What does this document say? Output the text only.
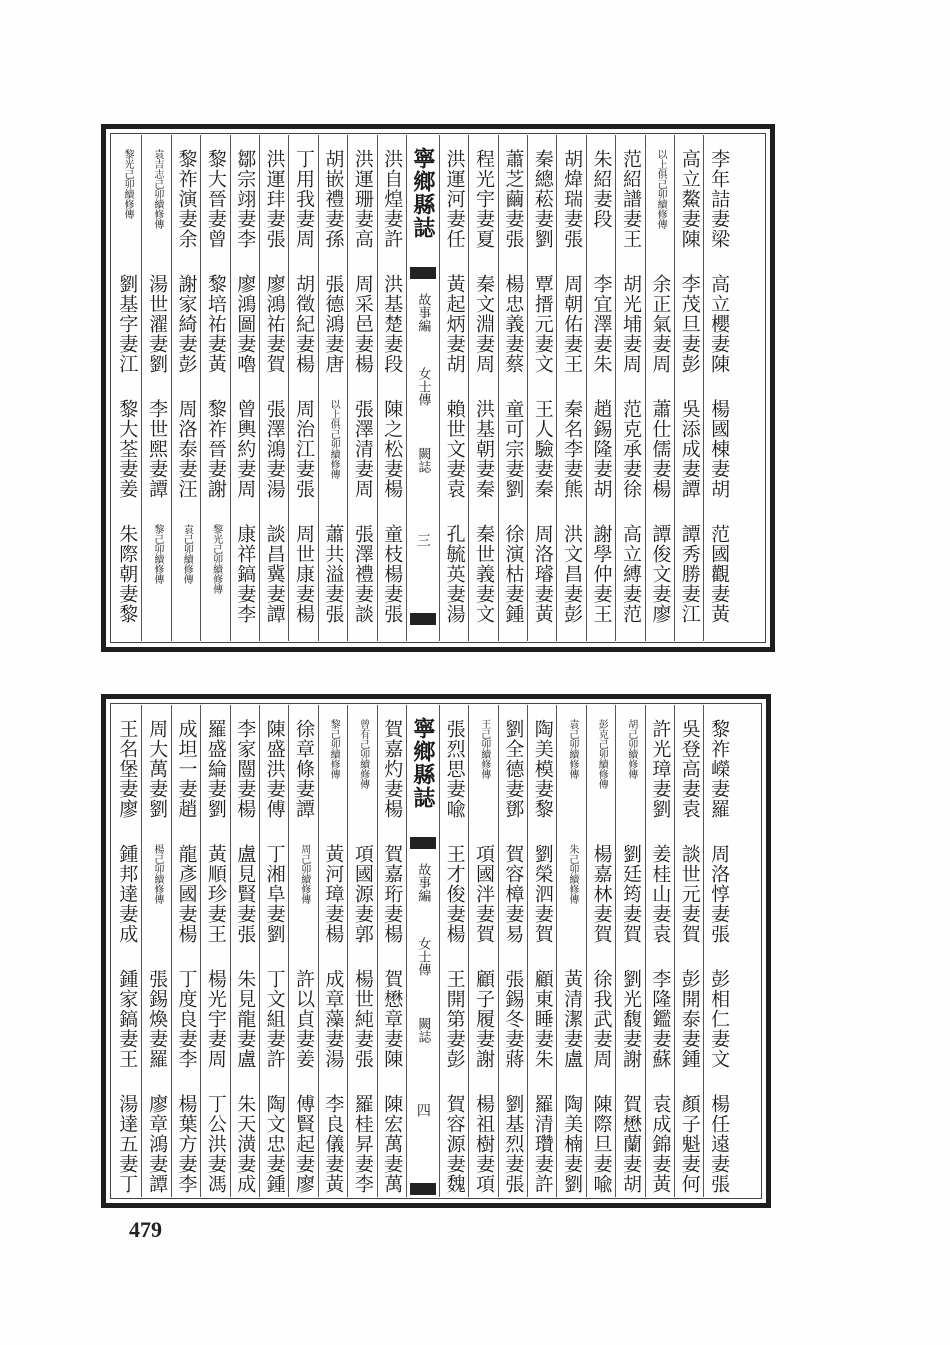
李年詰妻梁
高立櫻妻陳
楊國棟妻胡
范國觀妻黃
高立鰲妻陳
李茂旦妻彭
吳添成妻譚
譚秀勝妻江
以上俱己卯續修傳
余正氣妻周
蕭仕儒妻楊
譚俊文妻廖
范紹譜妻王
胡光埔妻周
范克承妻徐
高立縛妻范
朱紹妻段
李宜澤妻朱
趙錫隆妻胡
謝學仲妻王
胡煒瑞妻張
周朝佑妻王
秦名李妻熊
洪文昌妻彭
秦總菘妻劉
覃搢元妻文
王人驗妻秦
周洛璿妻黃
蕭芝繭妻張
楊忠義妻蔡
童可宗妻劉
徐演枯妻鍾
程光宇妻夏
秦文淵妻周
洪基朝妻秦
秦世義妻文
洪運河妻任
黃起炳妻胡
賴世文妻袁
孔毓英妻湯
寧鄉縣誌
故事編
女士傳
闕誌
三
洪自煌妻許
洪基楚妻段
陳之松妻楊
童枝楊妻張
洪運珊妻高
周采邑妻楊
張澤清妻周
張澤禮妻談
胡嵌禮妻孫
張德鴻妻唐
以上俱己卯續修傳
蕭共溢妻張
丁用我妻周
胡徵紀妻楊
周治江妻張
周世康妻楊
洪運玤妻張
廖鴻祐妻賀
張澤鴻妻湯
談昌冀妻譚
鄒宗翊妻李
廖鴻圖妻嚕
曾輿約妻周
康祥鎬妻李
黎大晉妻曾
黎培祐妻黃
黎祚晉妻謝
黎光己卯續修傳
黎祚演妻余
謝家綺妻彭
周洛泰妻汪
袁己卯續修傳
袁吉志己卯續修傳
湯世濯妻劉
李世煕妻譚
黎己卯續修傳
黎光己卯續修傳
劉基字妻江
黎大荃妻姜
朱際朝妻黎
黎祚嶸妻羅
周洛惇妻張
彭相仁妻文
楊任遠妻張
吳登高妻袁
談世元妻賀
彭開泰妻鍾
顏子魁妻何
許光璋妻劉
姜桂山妻袁
李隆鑑妻蘇
袁成錦妻黃
胡己卯續修傳
劉廷筠妻賀
劉光馥妻謝
賀懋蘭妻胡
彭克己卯續修傳
楊嘉林妻賀
徐我武妻周
陳際旦妻喩
袁己卯續修傳
朱己卯續修傳
黃清潔妻盧
陶美楠妻劉
陶美模妻黎
劉榮泗妻賀
顧東睡妻朱
羅清瓚妻許
劉全德妻鄧
賀容樟妻易
張錫冬妻蔣
劉基烈妻張
王己卯續修傳
項國泮妻賀
顧子履妻謝
楊祖樹妻項
張烈思妻喩
王才俊妻楊
王開第妻彭
賀容源妻魏
寧鄉縣誌
故事編
女士傳
闕誌
四
賀嘉灼妻楊
賀嘉珩妻楊
賀懋章妻陳
陳宏萬妻萬
曾有己卯續修傳
項國源妻郭
楊世純妻張
羅桂昇妻李
黎己卯續修傳
黃河璋妻楊
成章藻妻湯
李良儀妻黃
徐章條妻譚
周己卯續修傳
許以貞妻姜
傅賢起妻廖
陳盛洪妻傅
丁湘阜妻劉
丁文組妻許
陶文忠妻鍾
李家闓妻楊
盧見賢妻張
朱見龍妻盧
朱天潢妻成
羅盛綸妻劉
黃順珍妻王
楊光宇妻周
丁公洪妻馮
成坦一妻趙
龍彥國妻楊
丁度良妻李
楊葉方妻李
周大萬妻劉
楊己卯續修傳
張錫煥妻羅
廖章鴻妻譚
王名堡妻廖
鍾邦達妻成
鍾家鎬妻王
湯達五妻丁
479
